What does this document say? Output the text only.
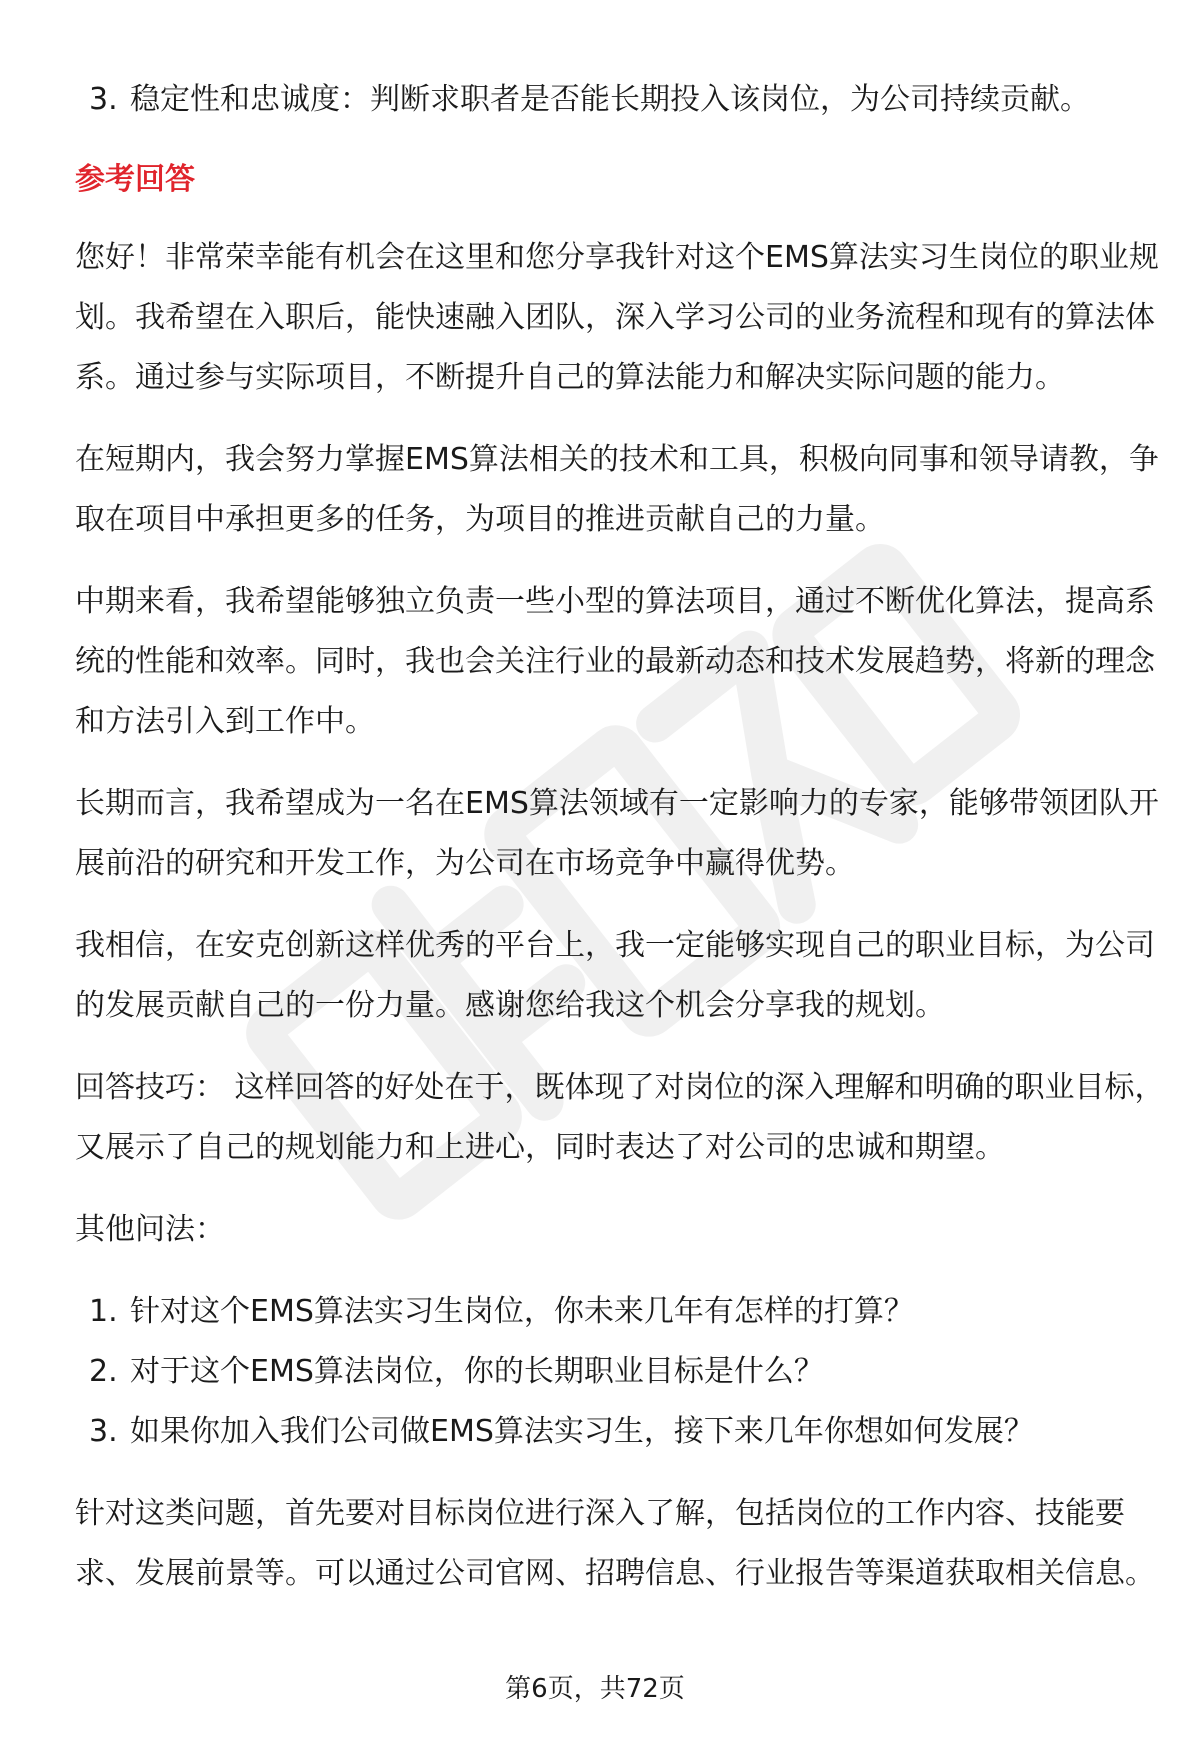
3. 稳定性和忠诚度：判断求职者是否能长期投入该岗位，为公司持续贡献。
参考回答
您好！非常荣幸能有机会在这里和您分享我针对这个EMS算法实习生岗位的职业规划。我希望在入职后，能快速融入团队，深入学习公司的业务流程和现有的算法体系。通过参与实际项目，不断提升自己的算法能力和解决实际问题的能力。
在短期内，我会努力掌握EMS算法相关的技术和工具，积极向同事和领导请教，争取在项目中承担更多的任务，为项目的推进贡献自己的力量。
中期来看，我希望能够独立负责一些小型的算法项目，通过不断优化算法，提高系统的性能和效率。同时，我也会关注行业的最新动态和技术发展趋势，将新的理念和方法引入到工作中。
长期而言，我希望成为一名在EMS算法领域有一定影响力的专家，能够带领团队开展前沿的研究和开发工作，为公司在市场竞争中赢得优势。
我相信，在安克创新这样优秀的平台上，我一定能够实现自己的职业目标，为公司的发展贡献自己的一份力量。感谢您给我这个机会分享我的规划。
回答技巧： 这样回答的好处在于，既体现了对岗位的深入理解和明确的职业目标，又展示了自己的规划能力和上进心，同时表达了对公司的忠诚和期望。
其他问法：
1. 针对这个EMS算法实习生岗位，你未来几年有怎样的打算？
2. 对于这个EMS算法岗位，你的长期职业目标是什么？
3. 如果你加入我们公司做EMS算法实习生，接下来几年你想如何发展？
针对这类问题，首先要对目标岗位进行深入了解，包括岗位的工作内容、技能要求、发展前景等。可以通过公司官网、招聘信息、行业报告等渠道获取相关信息。
第6页，共72页
